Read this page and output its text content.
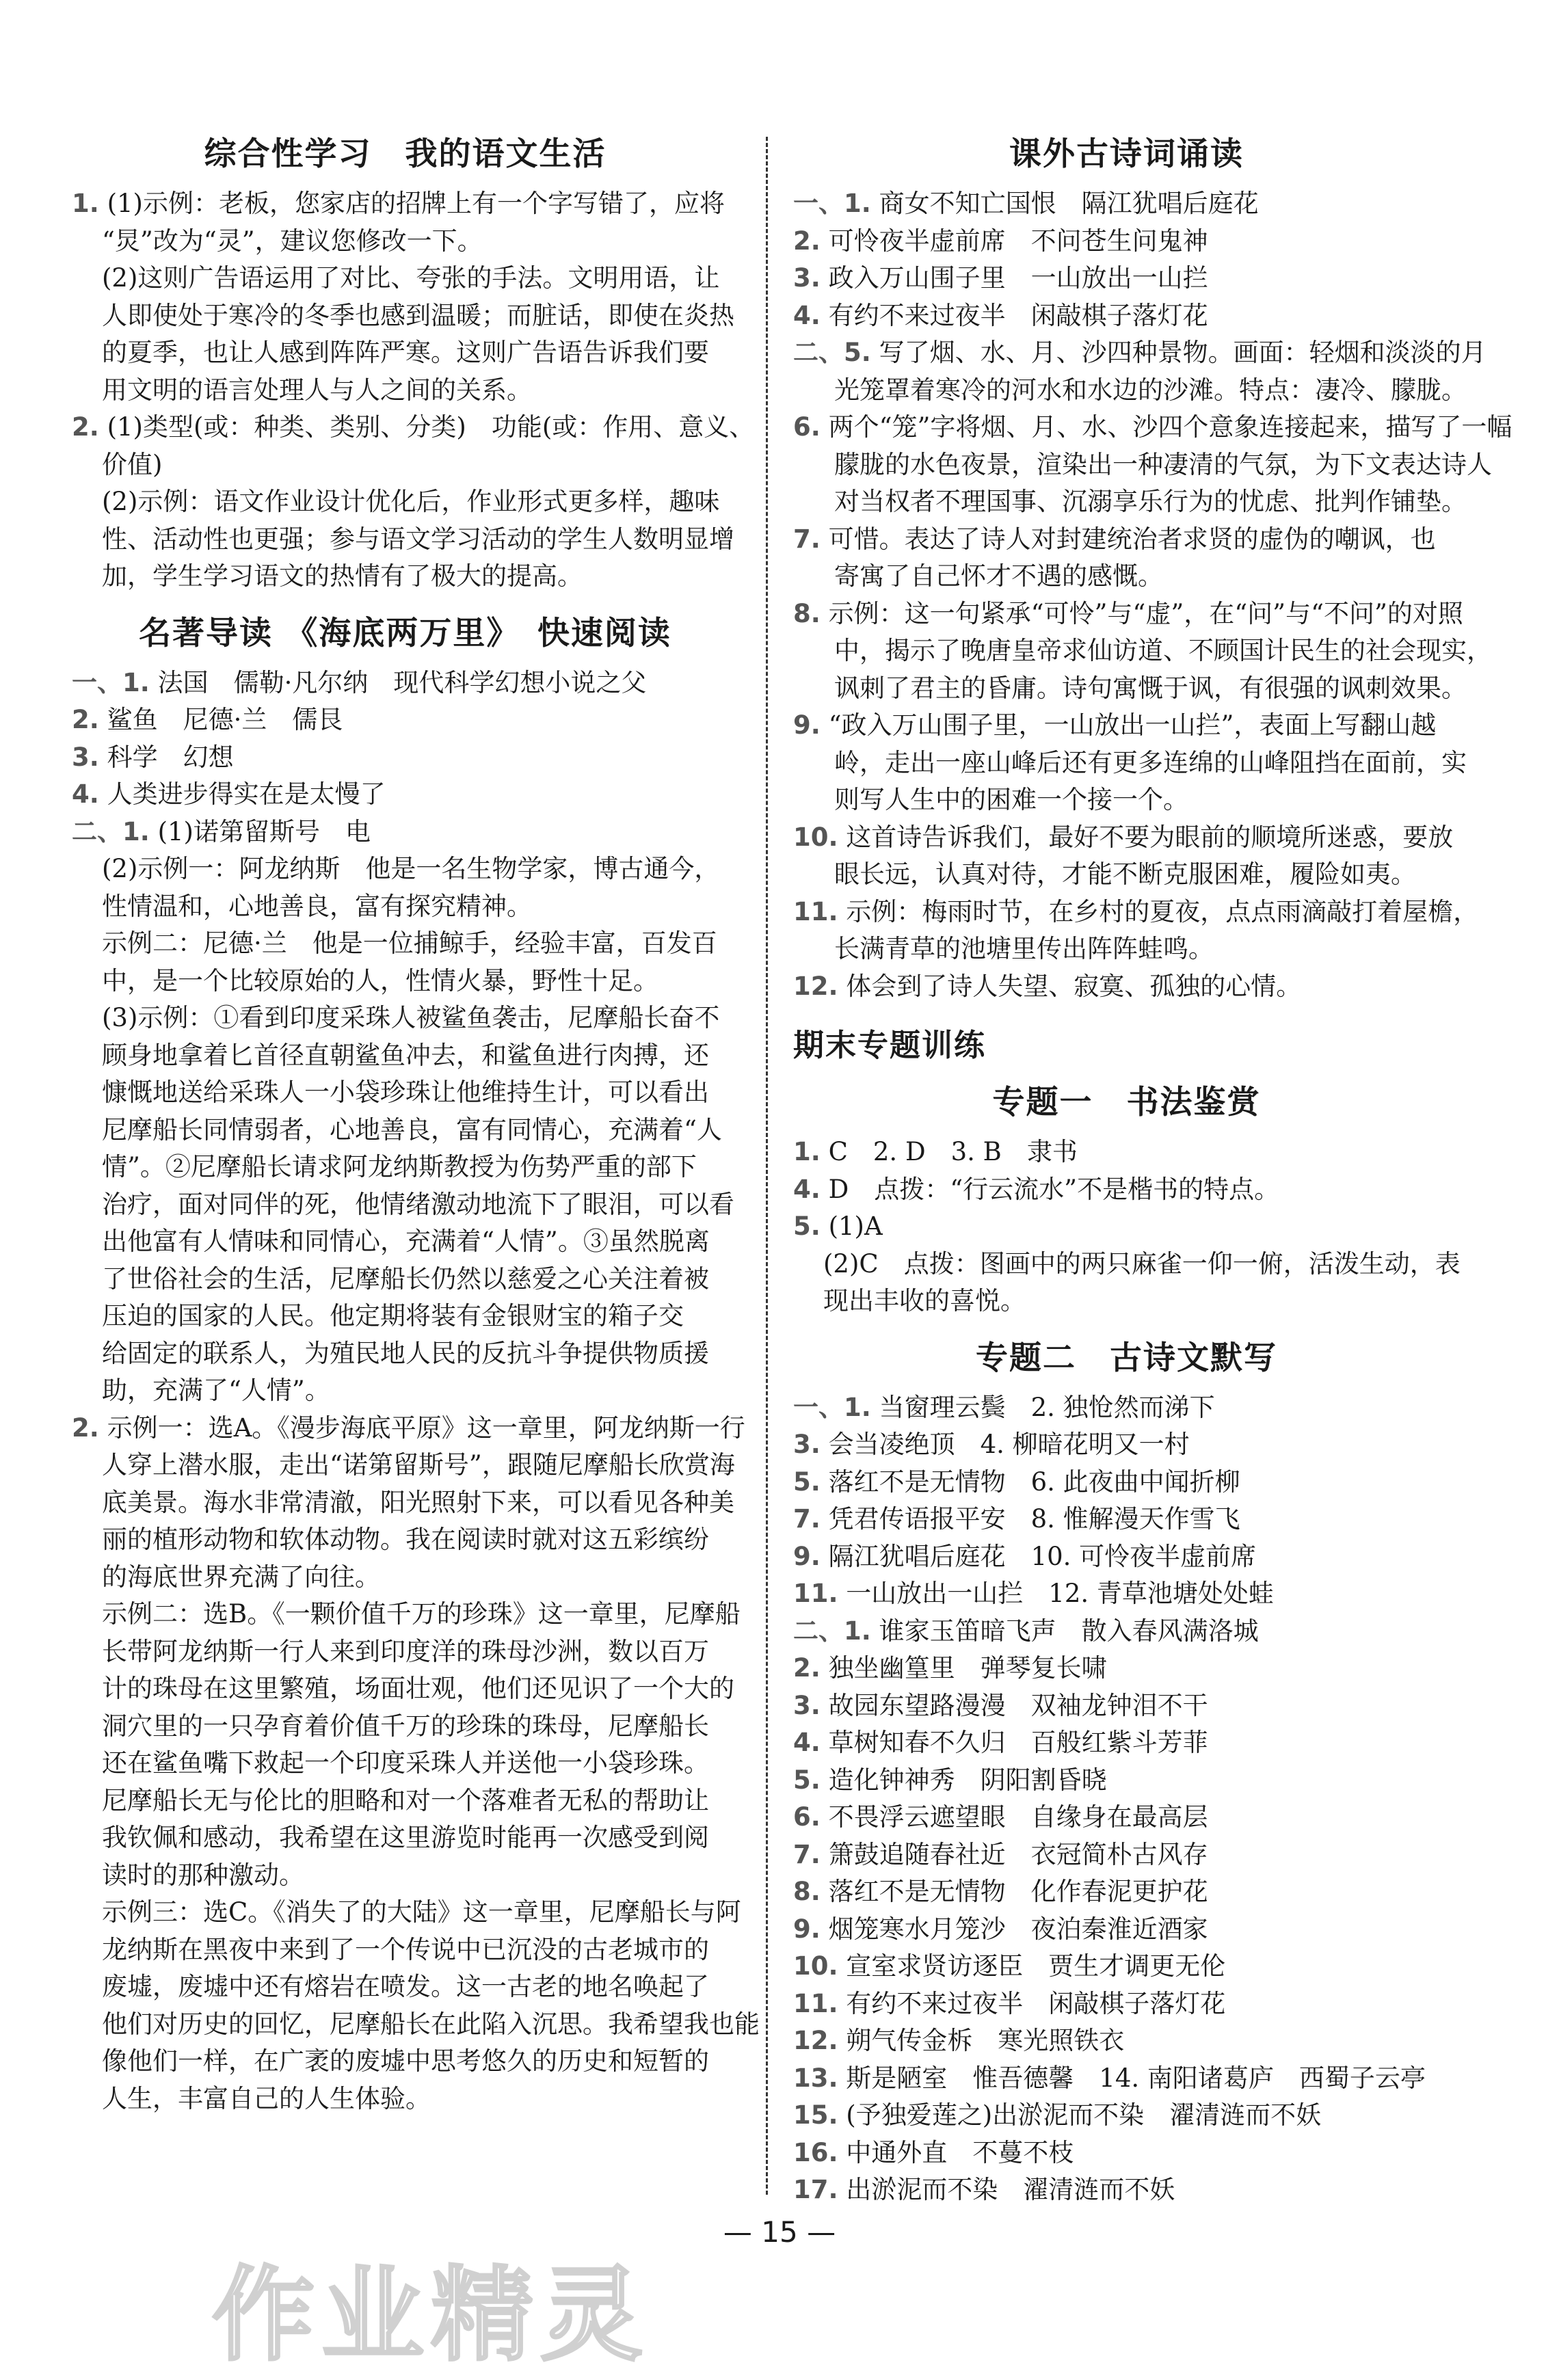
综合性学习　我的语文生活
1. (1)示例：老板，您家店的招牌上有一个字写错了，应将
“炅”改为“灵”，建议您修改一下。
(2)这则广告语运用了对比、夸张的手法。文明用语，让
人即使处于寒冷的冬季也感到温暖；而脏话，即使在炎热
的夏季，也让人感到阵阵严寒。这则广告语告诉我们要
用文明的语言处理人与人之间的关系。
2. (1)类型(或：种类、类别、分类)　功能(或：作用、意义、
价值)
(2)示例：语文作业设计优化后，作业形式更多样，趣味
性、活动性也更强；参与语文学习活动的学生人数明显增
加，学生学习语文的热情有了极大的提高。
名著导读 《海底两万里》　快速阅读
一、1. 法国　儒勒·凡尔纳　现代科学幻想小说之父
2. 鲨鱼　尼德·兰　儒艮
3. 科学　幻想
4. 人类进步得实在是太慢了
二、1. (1)诺第留斯号　电
(2)示例一：阿龙纳斯　他是一名生物学家，博古通今，
性情温和，心地善良，富有探究精神。
示例二：尼德·兰　他是一位捕鲸手，经验丰富，百发百
中，是一个比较原始的人，性情火暴，野性十足。
(3)示例：①看到印度采珠人被鲨鱼袭击，尼摩船长奋不
顾身地拿着匕首径直朝鲨鱼冲去，和鲨鱼进行肉搏，还
慷慨地送给采珠人一小袋珍珠让他维持生计，可以看出
尼摩船长同情弱者，心地善良，富有同情心，充满着“人
情”。②尼摩船长请求阿龙纳斯教授为伤势严重的部下
治疗，面对同伴的死，他情绪激动地流下了眼泪，可以看
出他富有人情味和同情心，充满着“人情”。③虽然脱离
了世俗社会的生活，尼摩船长仍然以慈爱之心关注着被
压迫的国家的人民。他定期将装有金银财宝的箱子交
给固定的联系人，为殖民地人民的反抗斗争提供物质援
助，充满了“人情”。
2. 示例一：选A。《漫步海底平原》这一章里，阿龙纳斯一行
人穿上潜水服，走出“诺第留斯号”，跟随尼摩船长欣赏海
底美景。海水非常清澈，阳光照射下来，可以看见各种美
丽的植形动物和软体动物。我在阅读时就对这五彩缤纷
的海底世界充满了向往。
示例二：选B。《一颗价值千万的珍珠》这一章里，尼摩船
长带阿龙纳斯一行人来到印度洋的珠母沙洲，数以百万
计的珠母在这里繁殖，场面壮观，他们还见识了一个大的
洞穴里的一只孕育着价值千万的珍珠的珠母，尼摩船长
还在鲨鱼嘴下救起一个印度采珠人并送他一小袋珍珠。
尼摩船长无与伦比的胆略和对一个落难者无私的帮助让
我钦佩和感动，我希望在这里游览时能再一次感受到阅
读时的那种激动。
示例三：选C。《消失了的大陆》这一章里，尼摩船长与阿
龙纳斯在黑夜中来到了一个传说中已沉没的古老城市的
废墟，废墟中还有熔岩在喷发。这一古老的地名唤起了
他们对历史的回忆，尼摩船长在此陷入沉思。我希望我也能
像他们一样，在广袤的废墟中思考悠久的历史和短暂的
人生，丰富自己的人生体验。
课外古诗词诵读
一、1. 商女不知亡国恨　隔江犹唱后庭花
2. 可怜夜半虚前席　不问苍生问鬼神
3. 政入万山围子里　一山放出一山拦
4. 有约不来过夜半　闲敲棋子落灯花
二、5. 写了烟、水、月、沙四种景物。画面：轻烟和淡淡的月
光笼罩着寒冷的河水和水边的沙滩。特点：凄冷、朦胧。
6. 两个“笼”字将烟、月、水、沙四个意象连接起来，描写了一幅
朦胧的水色夜景，渲染出一种凄清的气氛，为下文表达诗人
对当权者不理国事、沉溺享乐行为的忧虑、批判作铺垫。
7. 可惜。表达了诗人对封建统治者求贤的虚伪的嘲讽，也
寄寓了自己怀才不遇的感慨。
8. 示例：这一句紧承“可怜”与“虚”，在“问”与“不问”的对照
中，揭示了晚唐皇帝求仙访道、不顾国计民生的社会现实，
讽刺了君主的昏庸。诗句寓慨于讽，有很强的讽刺效果。
9. “政入万山围子里，一山放出一山拦”，表面上写翻山越
岭，走出一座山峰后还有更多连绵的山峰阻挡在面前，实
则写人生中的困难一个接一个。
10. 这首诗告诉我们，最好不要为眼前的顺境所迷惑，要放
眼长远，认真对待，才能不断克服困难，履险如夷。
11. 示例：梅雨时节，在乡村的夏夜，点点雨滴敲打着屋檐，
长满青草的池塘里传出阵阵蛙鸣。
12. 体会到了诗人失望、寂寞、孤独的心情。
期末专题训练
专题一　书法鉴赏
1. C　2. D　3. B　隶书
4. D　点拨：“行云流水”不是楷书的特点。
5. (1)A
(2)C　点拨：图画中的两只麻雀一仰一俯，活泼生动，表
现出丰收的喜悦。
专题二　古诗文默写
一、1. 当窗理云鬓　2. 独怆然而涕下
3. 会当凌绝顶　4. 柳暗花明又一村
5. 落红不是无情物　6. 此夜曲中闻折柳
7. 凭君传语报平安　8. 惟解漫天作雪飞
9. 隔江犹唱后庭花　10. 可怜夜半虚前席
11. 一山放出一山拦　12. 青草池塘处处蛙
二、1. 谁家玉笛暗飞声　散入春风满洛城
2. 独坐幽篁里　弹琴复长啸
3. 故园东望路漫漫　双袖龙钟泪不干
4. 草树知春不久归　百般红紫斗芳菲
5. 造化钟神秀　阴阳割昏晓
6. 不畏浮云遮望眼　自缘身在最高层
7. 箫鼓追随春社近　衣冠简朴古风存
8. 落红不是无情物　化作春泥更护花
9. 烟笼寒水月笼沙　夜泊秦淮近酒家
10. 宣室求贤访逐臣　贾生才调更无伦
11. 有约不来过夜半　闲敲棋子落灯花
12. 朔气传金柝　寒光照铁衣
13. 斯是陋室　惟吾德馨　14. 南阳诸葛庐　西蜀子云亭
15. (予独爱莲之)出淤泥而不染　濯清涟而不妖
16. 中通外直　不蔓不枝
17. 出淤泥而不染　濯清涟而不妖
— 15 —
作业精灵
